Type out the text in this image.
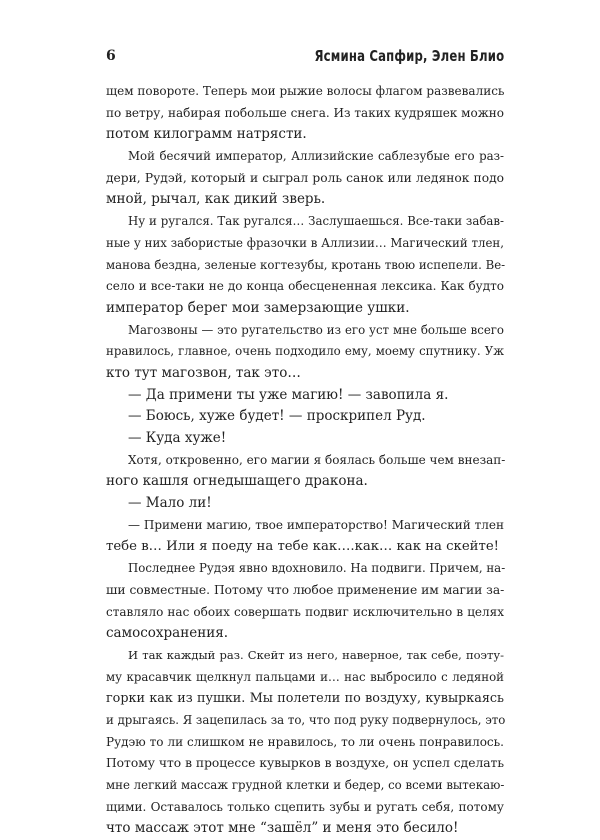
6	Ясмина Сапфир, Элен Блио
щем повороте. Теперь мои рыжие волосы флагом развевались
по ветру, набирая побольше снега. Из таких кудряшек можно
потом килограмм натрясти.
Мой бесячий император, Аллизийские саблезубые его раз-
дери, Рудэй, который и сыграл роль санок или ледянок подо
мной, рычал, как дикий зверь.
Ну и ругался. Так ругался… Заслушаешься. Все-таки забав-
ные у них забористые фразочки в Аллизии… Магический тлен,
манова бездна, зеленые когтезубы, кротань твою испепели. Ве-
село и все-таки не до конца обесцененная лексика. Как будто
император берег мои замерзающие ушки.
Магозвоны — это ругательство из его уст мне больше всего
нравилось, главное, очень подходило ему, моему спутнику. Уж
кто тут магозвон, так это…
— Да примени ты уже магию! — завопила я.
— Боюсь, хуже будет! — проскрипел Руд.
— Куда хуже!
Хотя, откровенно, его магии я боялась больше чем внезап-
ного кашля огнедышащего дракона.
— Мало ли!
— Примени магию, твое императорство! Магический тлен
тебе в… Или я поеду на тебе как….как… как на скейте!
Последнее Рудэя явно вдохновило. На подвиги. Причем, на-
ши совместные. Потому что любое применение им магии за-
ставляло нас обоих совершать подвиг исключительно в целях
самосохранения.
И так каждый раз. Скейт из него, наверное, так себе, поэту-
му красавчик щелкнул пальцами и… нас выбросило с ледяной
горки как из пушки. Мы полетели по воздуху, кувыркаясь
и дрыгаясь. Я зацепилась за то, что под руку подвернулось, это
Рудэю то ли слишком не нравилось, то ли очень понравилось.
Потому что в процессе кувырков в воздухе, он успел сделать
мне легкий массаж грудной клетки и бедер, со всеми вытекаю-
щими. Оставалось только сцепить зубы и ругать себя, потому
что массаж этот мне “зашёл” и меня это бесило!
